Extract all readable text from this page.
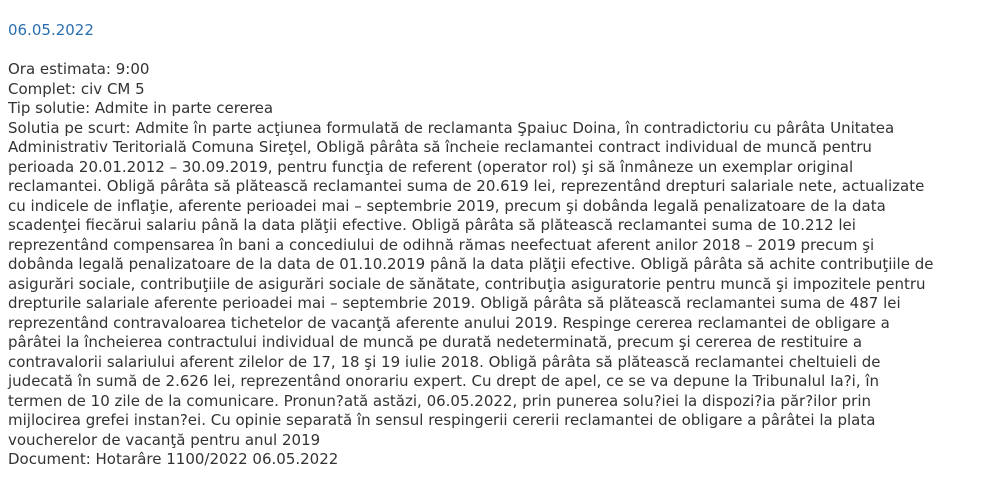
06.05.2022

Ora estimata: 9:00
Complet: civ CM 5
Tip solutie: Admite in parte cererea
Solutia pe scurt: Admite în parte acţiunea formulată de reclamanta Şpaiuc Doina, în contradictoriu cu pârâta Unitatea Administrativ Teritorială Comuna Sireţel, Obligă pârâta să încheie reclamantei contract individual de muncă pentru perioada 20.01.2012 – 30.09.2019, pentru funcţia de referent (operator rol) şi să înmâneze un exemplar original reclamantei. Obligă pârâta să plătească reclamantei suma de 20.619 lei, reprezentând drepturi salariale nete, actualizate cu indicele de inflaţie, aferente perioadei mai – septembrie 2019, precum şi dobânda legală penalizatoare de la data scadenţei fiecărui salariu până la data plăţii efective. Obligă pârâta să plătească reclamantei suma de 10.212 lei reprezentând compensarea în bani a concediului de odihnă rămas neefectuat aferent anilor 2018 – 2019 precum şi dobânda legală penalizatoare de la data de 01.10.2019 până la data plăţii efective. Obligă pârâta să achite contribuţiile de asigurări sociale, contribuţiile de asigurări sociale de sănătate, contribuţia asiguratorie pentru muncă şi impozitele pentru drepturile salariale aferente perioadei mai – septembrie 2019. Obligă pârâta să plătească reclamantei suma de 487 lei reprezentând contravaloarea tichetelor de vacanţă aferente anului 2019. Respinge cererea reclamantei de obligare a pârâtei la încheierea contractului individual de muncă pe durată nedeterminată, precum şi cererea de restituire a contravalorii salariului aferent zilelor de 17, 18 şi 19 iulie 2018. Obligă pârâta să plătească reclamantei cheltuieli de judecată în sumă de 2.626 lei, reprezentând onorariu expert. Cu drept de apel, ce se va depune la Tribunalul Ia?i, în termen de 10 zile de la comunicare. Pronun?ată astăzi, 06.05.2022, prin punerea solu?iei la dispozi?ia păr?ilor prin mijlocirea grefei instan?ei. Cu opinie separată în sensul respingerii cererii reclamantei de obligare a pârâtei la plata voucherelor de vacanţă pentru anul 2019
Document: Hotarâre 1100/2022 06.05.2022
